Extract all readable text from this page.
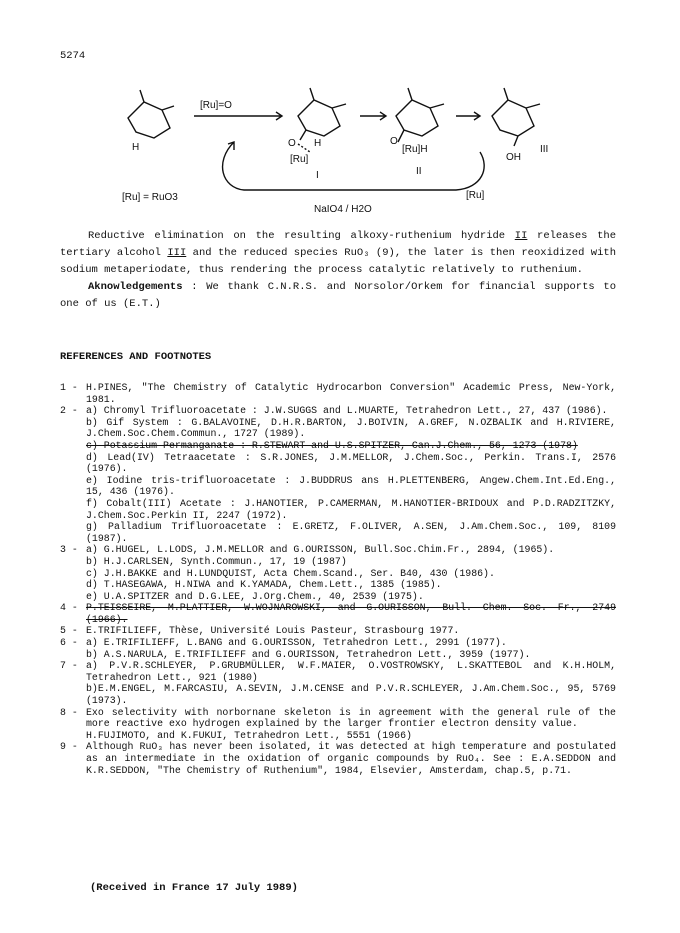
5274
[Ru]=O
H	O H
[Ru]
I
O
[Ru]H
II
OH
III
[Ru]
[Ru] = RuO3
NaIO4 / H2O

Reductive elimination on the resulting alkoxy-ruthenium hydride II releases the tertiary alcohol III and the reduced species RuO₃ (9), the later is then reoxidized with sodium metaperiodate, thus rendering the process catalytic relatively to ruthenium.

Aknowledgements : We thank C.N.R.S. and Norsolor/Orkem for financial supports to one of us (E.T.)

REFERENCES AND FOOTNOTES
1 - H.PINES, "The Chemistry of Catalytic Hydrocarbon Conversion" Academic Press, New-York, 1981.
2 - a) Chromyl Trifluoroacetate : J.W.SUGGS and L.MUARTE, Tetrahedron Lett., 27, 437 (1986).
b) Gif System : G.BALAVOINE, D.H.R.BARTON, J.BOIVIN, A.GREF, N.OZBALIK and H.RIVIERE, J.Chem.Soc.Chem.Commun., 1727 (1989).
c) Potassium Permanganate : R.STEWART and U.S.SPITZER, Can.J.Chem., 56, 1273 (1978)
d) Lead(IV) Tetraacetate : S.R.JONES, J.M.MELLOR, J.Chem.Soc., Perkin. Trans.I, 2576 (1976).
e) Iodine tris-trifluoroacetate : J.BUDDRUS ans H.PLETTENBERG, Angew.Chem.Int.Ed.Eng., 15, 436 (1976).
f) Cobalt(III) Acetate : J.HANOTIER, P.CAMERMAN, M.HANOTIER-BRIDOUX and P.D.RADZITZKY, J.Chem.Soc.Perkin II, 2247 (1972).
g) Palladium Trifluoroacetate : E.GRETZ, F.OLIVER, A.SEN, J.Am.Chem.Soc., 109, 8109 (1987).
3 - a) G.HUGEL, L.LODS, J.M.MELLOR and G.OURISSON, Bull.Soc.Chim.Fr., 2894, (1965).
b) H.J.CARLSEN, Synth.Commun., 17, 19 (1987)
c) J.H.BAKKE and H.LUNDQUIST, Acta Chem.Scand., Ser. B40, 430 (1986).
d) T.HASEGAWA, H.NIWA and K.YAMADA, Chem.Lett., 1385 (1985).
e) U.A.SPITZER and D.G.LEE, J.Org.Chem., 40, 2539 (1975).
4 - P.TEISSEIRE, M.PLATTIER, W.WOJNAROWSKI, and G.OURISSON, Bull. Chem. Soc. Fr., 2749 (1966).
5 - E.TRIFILIEFF, Thèse, Université Louis Pasteur, Strasbourg 1977.
6 - a) E.TRIFILIEFF, L.BANG and G.OURISSON, Tetrahedron Lett., 2991 (1977).
b) A.S.NARULA, E.TRIFILIEFF and G.OURISSON, Tetrahedron Lett., 3959 (1977).
7 - a) P.V.R.SCHLEYER, P.GRUBMÜLLER, W.F.MAIER, O.VOSTROWSKY, L.SKATTEBOL and K.H.HOLM, Tetrahedron Lett., 921 (1980)
b)E.M.ENGEL, M.FARCASIU, A.SEVIN, J.M.CENSE and P.V.R.SCHLEYER, J.Am.Chem.Soc., 95, 5769 (1973).
8 - Exo selectivity with norbornane skeleton is in agreement with the general rule of the more reactive exo hydrogen explained by the larger frontier electron density value.
H.FUJIMOTO, and K.FUKUI, Tetrahedron Lett., 5551 (1966)
9 - Although RuO₃ has never been isolated, it was detected at high temperature and postulated as an intermediate in the oxidation of organic compounds by RuO₄. See : E.A.SEDDON and K.R.SEDDON, "The Chemistry of Ruthenium", 1984, Elsevier, Amsterdam, chap.5, p.71.
(Received in France 17 July 1989)
